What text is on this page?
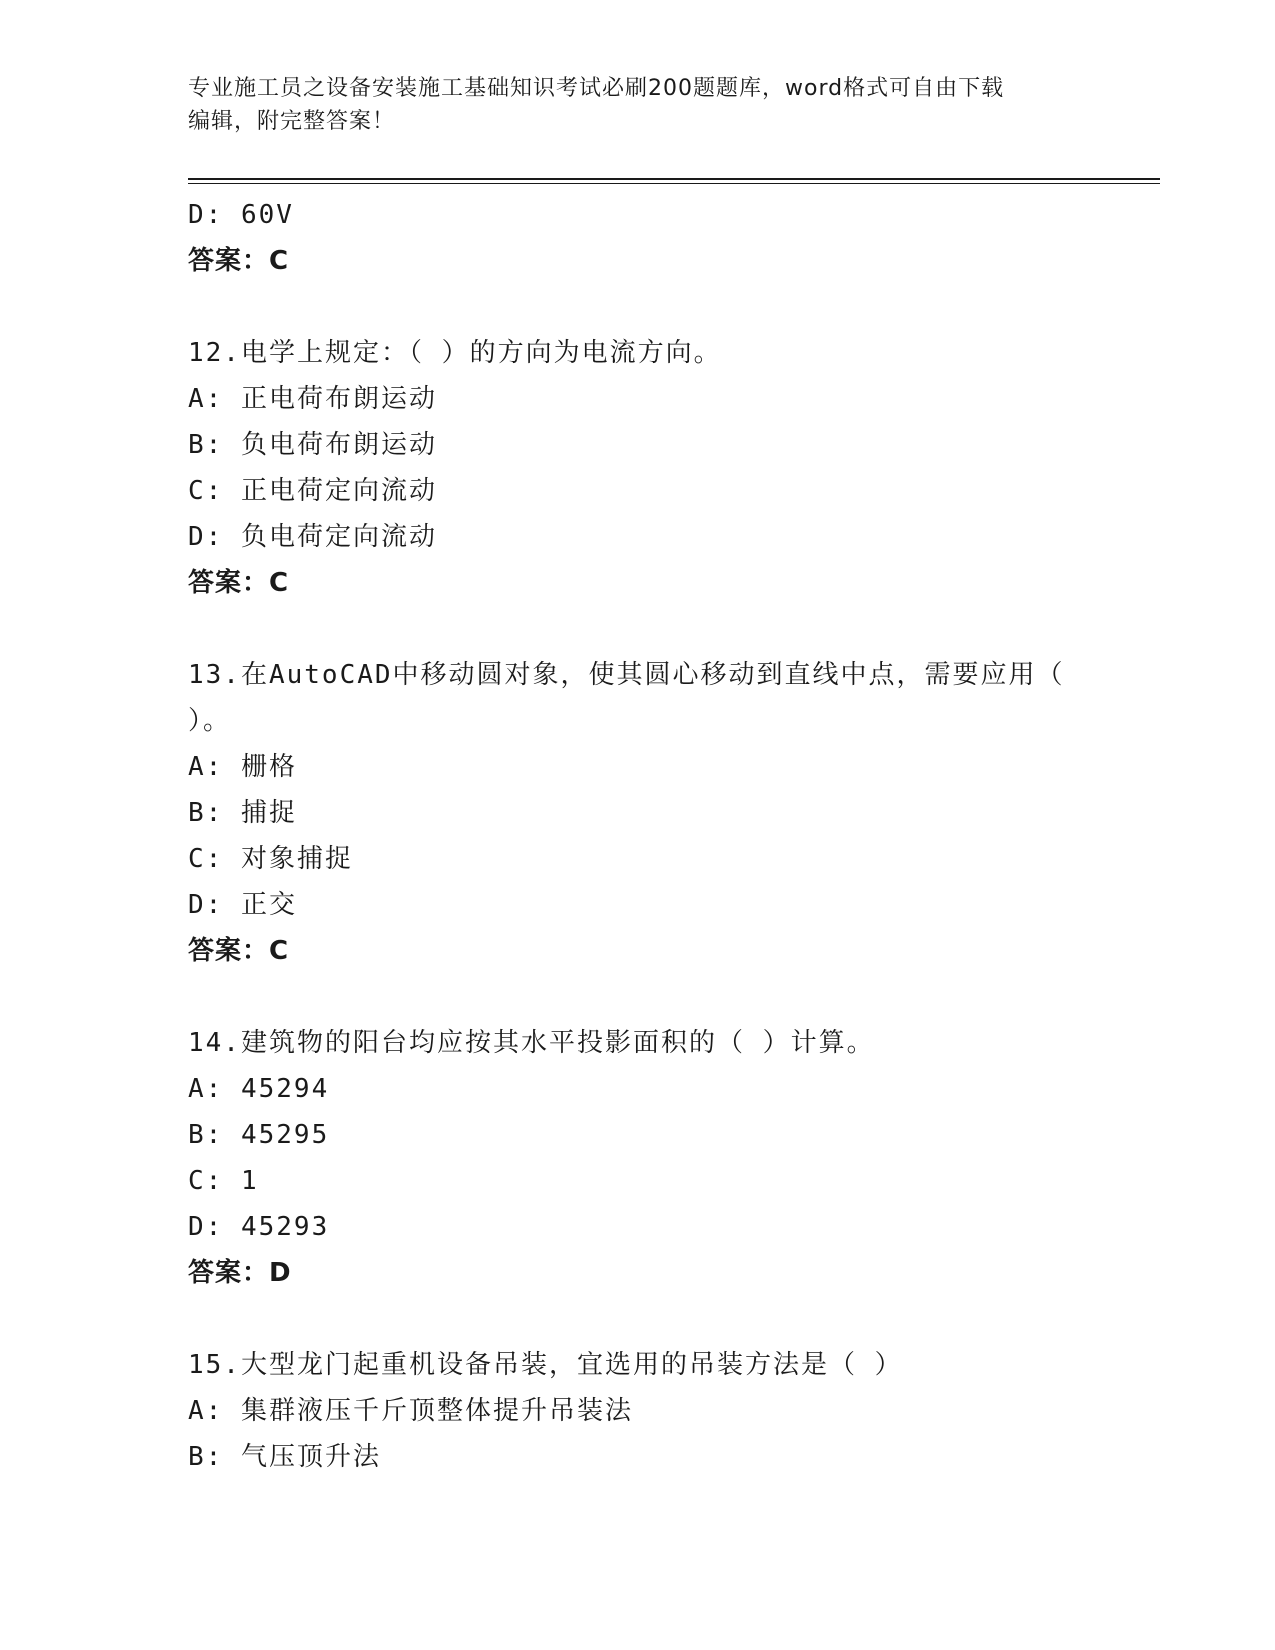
专业施工员之设备安装施工基础知识考试必刷200题题库，word格式可自由下载
编辑，附完整答案！
D: 60V
答案：C
12.电学上规定：（ ）的方向为电流方向。
A: 正电荷布朗运动
B: 负电荷布朗运动
C: 正电荷定向流动
D: 负电荷定向流动
答案：C
13.在AutoCAD中移动圆对象，使其圆心移动到直线中点，需要应用（
）。
A: 栅格
B: 捕捉
C: 对象捕捉
D: 正交
答案：C
14.建筑物的阳台均应按其水平投影面积的（ ）计算。
A: 45294
B: 45295
C: 1
D: 45293
答案：D
15.大型龙门起重机设备吊装，宜选用的吊装方法是（ ）
A: 集群液压千斤顶整体提升吊装法
B: 气压顶升法
